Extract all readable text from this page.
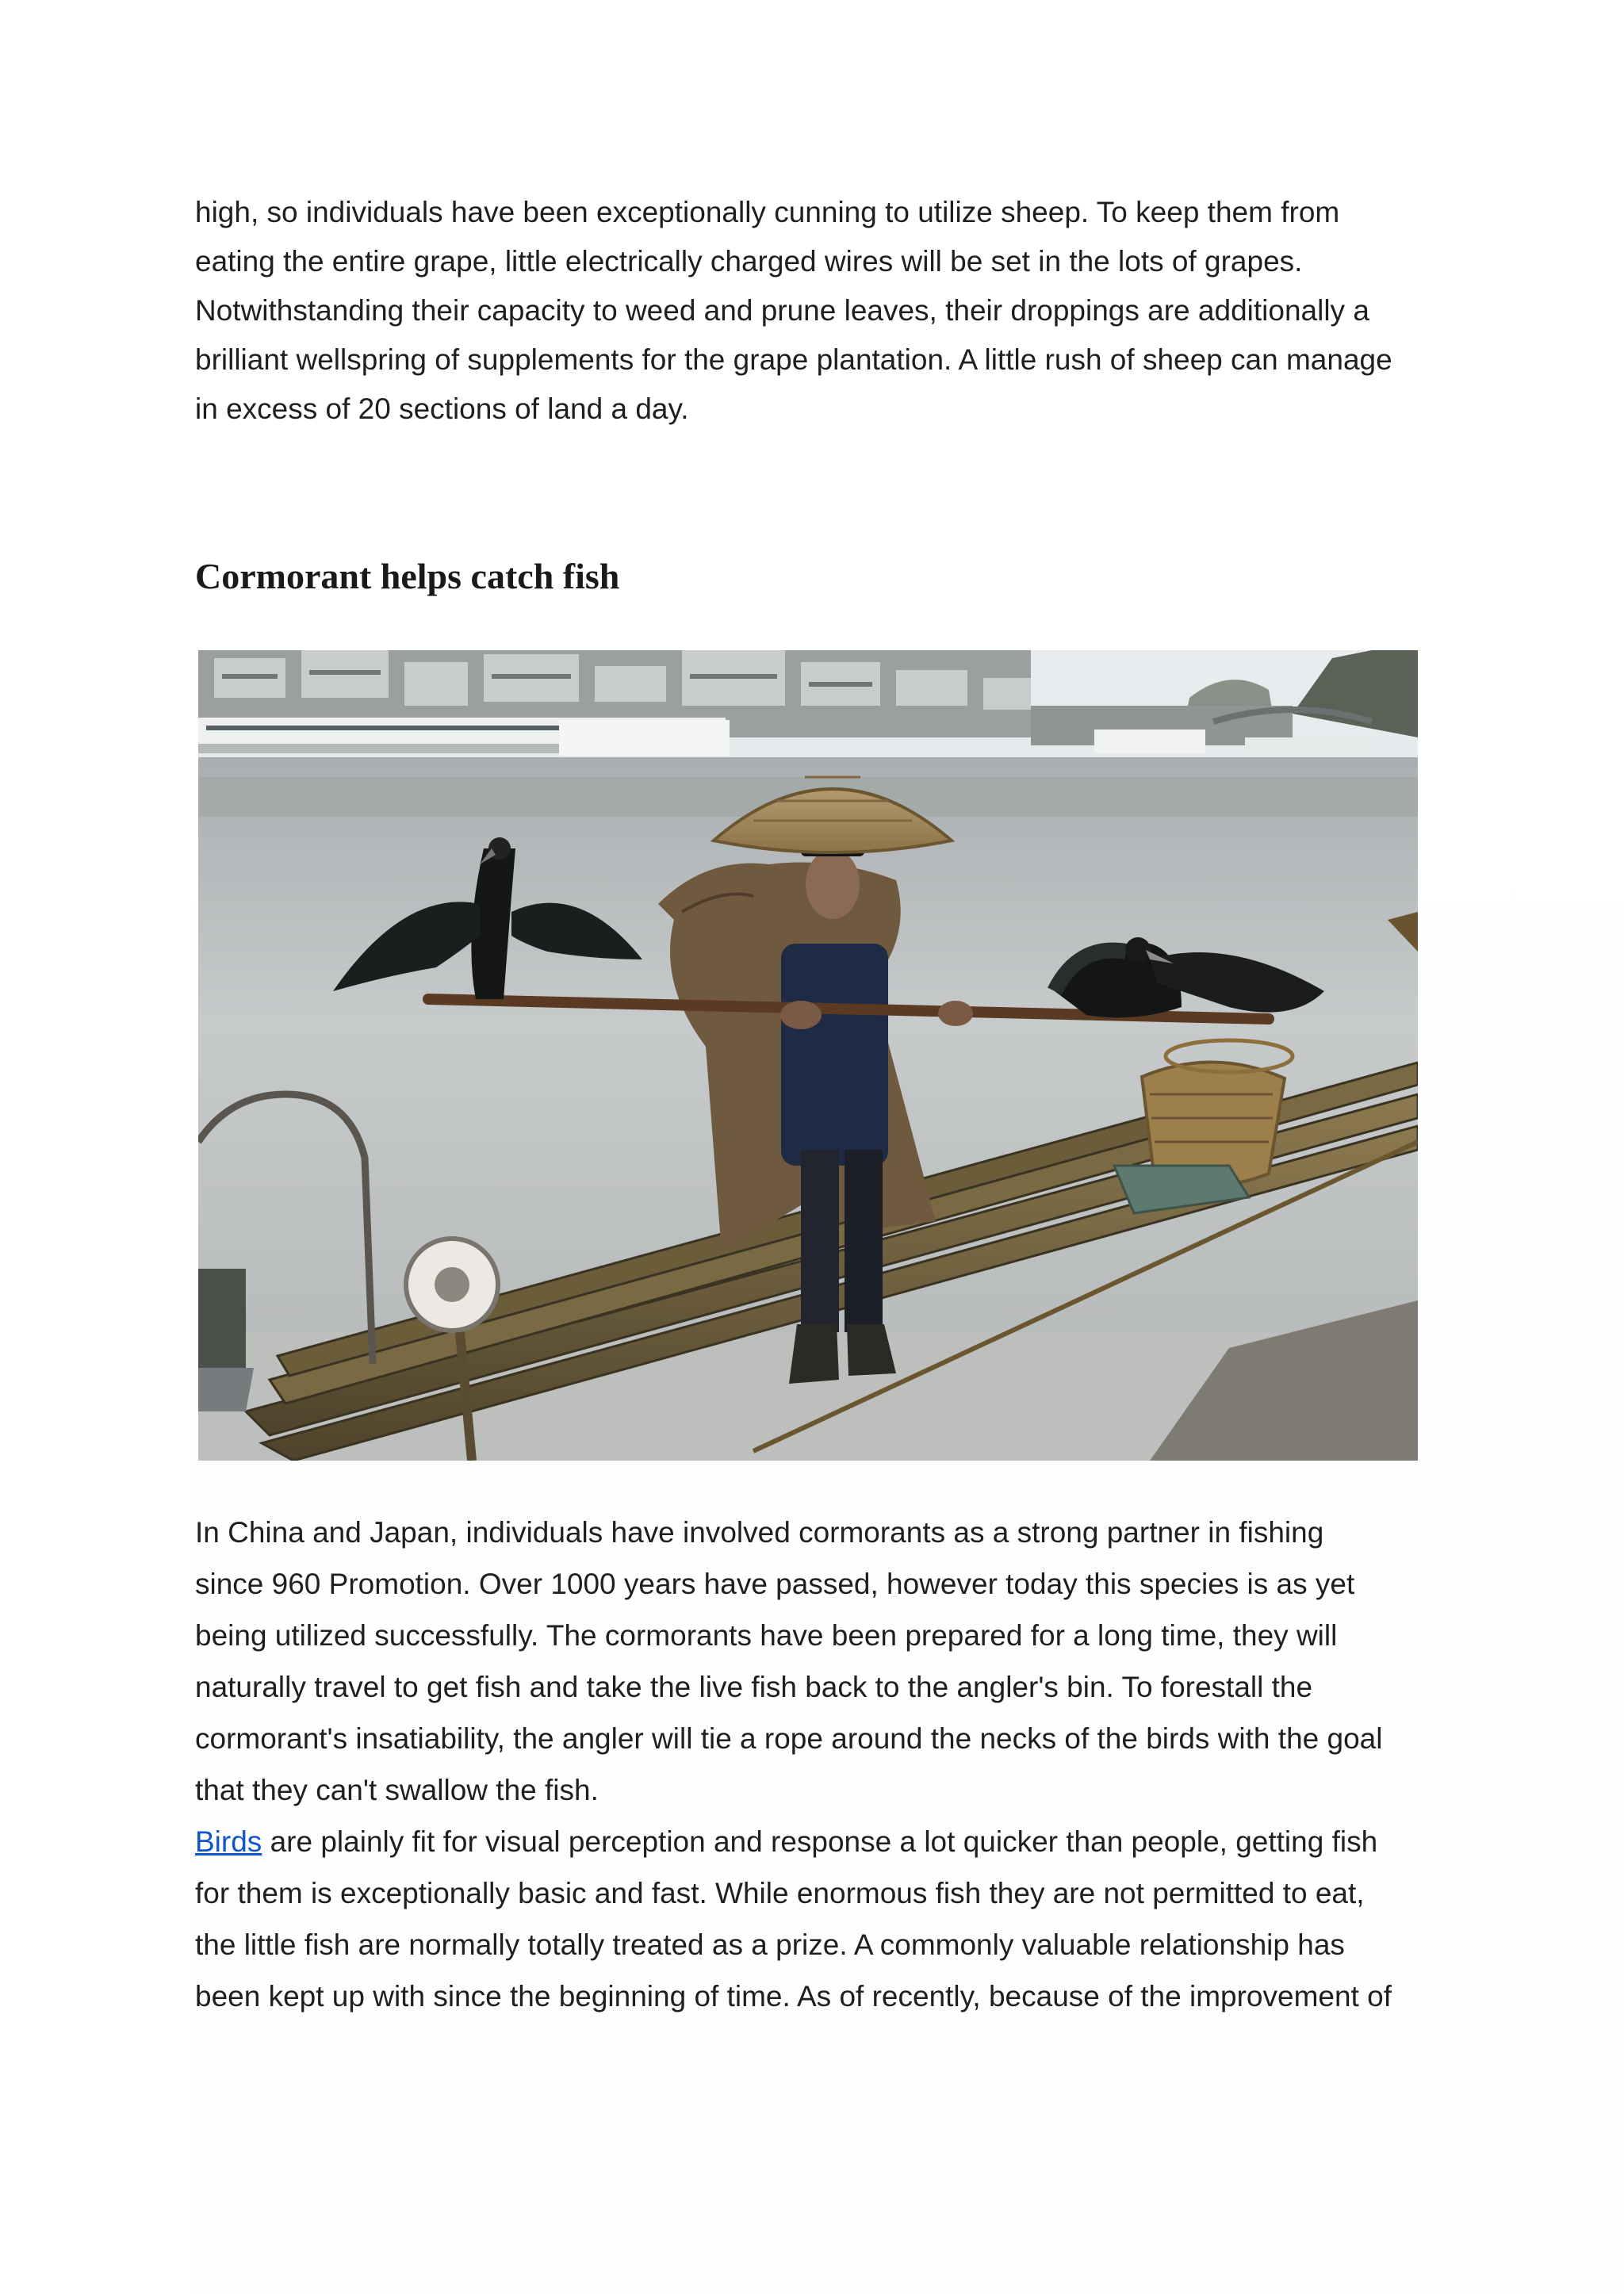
high, so individuals have been exceptionally cunning to utilize sheep. To keep them from
eating the entire grape, little electrically charged wires will be set in the lots of grapes.
Notwithstanding their capacity to weed and prune leaves, their droppings are additionally a
brilliant wellspring of supplements for the grape plantation. A little rush of sheep can manage
in excess of 20 sections of land a day.

Cormorant helps catch fish

In China and Japan, individuals have involved cormorants as a strong partner in fishing
since 960 Promotion. Over 1000 years have passed, however today this species is as yet
being utilized successfully. The cormorants have been prepared for a long time, they will
naturally travel to get fish and take the live fish back to the angler's bin. To forestall the
cormorant's insatiability, the angler will tie a rope around the necks of the birds with the goal
that they can't swallow the fish.

Birds are plainly fit for visual perception and response a lot quicker than people, getting fish
for them is exceptionally basic and fast. While enormous fish they are not permitted to eat,
the little fish are normally totally treated as a prize. A commonly valuable relationship has
been kept up with since the beginning of time. As of recently, because of the improvement of
